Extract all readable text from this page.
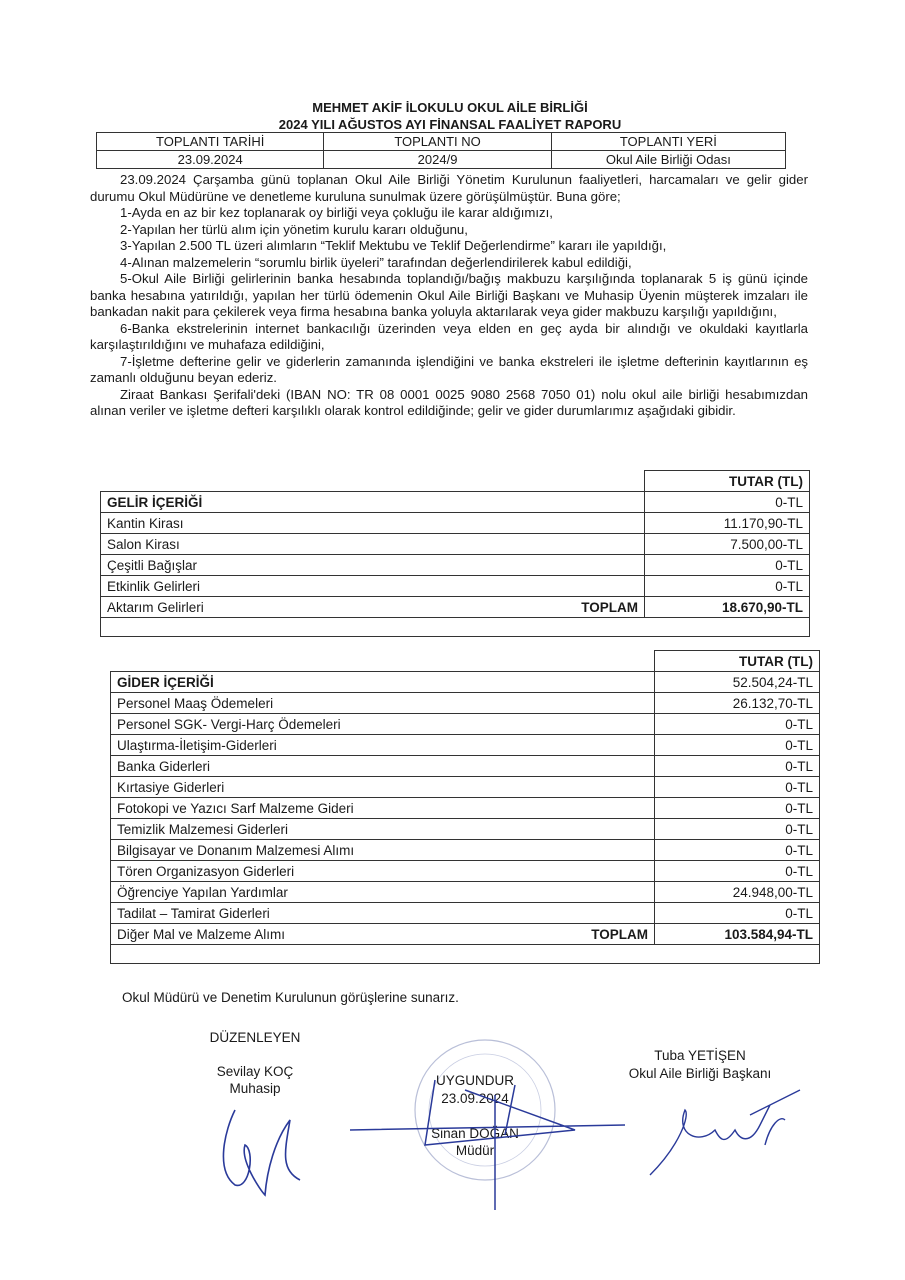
MEHMET AKİF İLOKULU OKUL AİLE BİRLİĞİ
2024 YILI AĞUSTOS AYI FİNANSAL FAALİYET RAPORU
TOPLANTI TARİHİ	TOPLANTI NO	TOPLANTI YERİ
23.09.2024	2024/9	Okul Aile Birliği Odası

23.09.2024 Çarşamba günü toplanan Okul Aile Birliği Yönetim Kurulunun faaliyetleri, harcamaları ve gelir gider durumu Okul Müdürüne ve denetleme kuruluna sunulmak üzere görüşülmüştür. Buna göre;

1-Ayda en az bir kez toplanarak oy birliği veya çokluğu ile karar aldığımızı,

2-Yapılan her türlü alım için yönetim kurulu kararı olduğunu,

3-Yapılan 2.500 TL üzeri alımların “Teklif Mektubu ve Teklif Değerlendirme” kararı ile yapıldığı,

4-Alınan malzemelerin “sorumlu birlik üyeleri” tarafından değerlendirilerek kabul edildiği,

5-Okul Aile Birliği gelirlerinin banka hesabında toplandığı/bağış makbuzu karşılığında toplanarak 5 iş günü içinde banka hesabına yatırıldığı, yapılan her türlü ödemenin Okul Aile Birliği Başkanı ve Muhasip Üyenin müşterek imzaları ile bankadan nakit para çekilerek veya firma hesabına banka yoluyla aktarılarak veya gider makbuzu karşılığı yapıldığını,

6-Banka ekstrelerinin internet bankacılığı üzerinden veya elden en geç ayda bir alındığı ve okuldaki kayıtlarla karşılaştırıldığını ve muhafaza edildiğini,

7-İşletme defterine gelir ve giderlerin zamanında işlendiğini ve banka ekstreleri ile işletme defterinin kayıtlarının eş zamanlı olduğunu beyan ederiz.

Ziraat Bankası Şerifali'deki (IBAN NO: TR 08 0001 0025 9080 2568 7050 01) nolu okul aile birliği hesabımızdan alınan veriler ve işletme defteri karşılıklı olarak kontrol edildiğinde; gelir ve gider durumlarımız aşağıdaki gibidir.

	TUTAR (TL)
GELİR İÇERİĞİ	0-TL
Kantin Kirası	11.170,90-TL
Salon Kirası	7.500,00-TL
Çeşitli Bağışlar	0-TL
Etkinlik Gelirleri	0-TL
Aktarım Gelirleri TOPLAM	18.670,90-TL

	TUTAR (TL)
GİDER İÇERİĞİ	52.504,24-TL
Personel Maaş Ödemeleri	26.132,70-TL
Personel SGK- Vergi-Harç Ödemeleri	0-TL
Ulaştırma-İletişim-Giderleri	0-TL
Banka Giderleri	0-TL
Kırtasiye Giderleri	0-TL
Fotokopi ve Yazıcı Sarf Malzeme Gideri	0-TL
Temizlik Malzemesi Giderleri	0-TL
Bilgisayar ve Donanım Malzemesi Alımı	0-TL
Tören Organizasyon Giderleri	0-TL
Öğrenciye Yapılan Yardımlar	24.948,00-TL
Tadilat – Tamirat Giderleri	0-TL
Diğer Mal ve Malzeme Alımı TOPLAM	103.584,94-TL

Okul Müdürü ve Denetim Kurulunun görüşlerine sunarız.
DÜZENLEYEN
Sevilay KOÇ
Muhasip
UYGUNDUR
23.09.2024
Sinan DOĞAN
Müdür
Tuba YETİŞEN
Okul Aile Birliği Başkanı
